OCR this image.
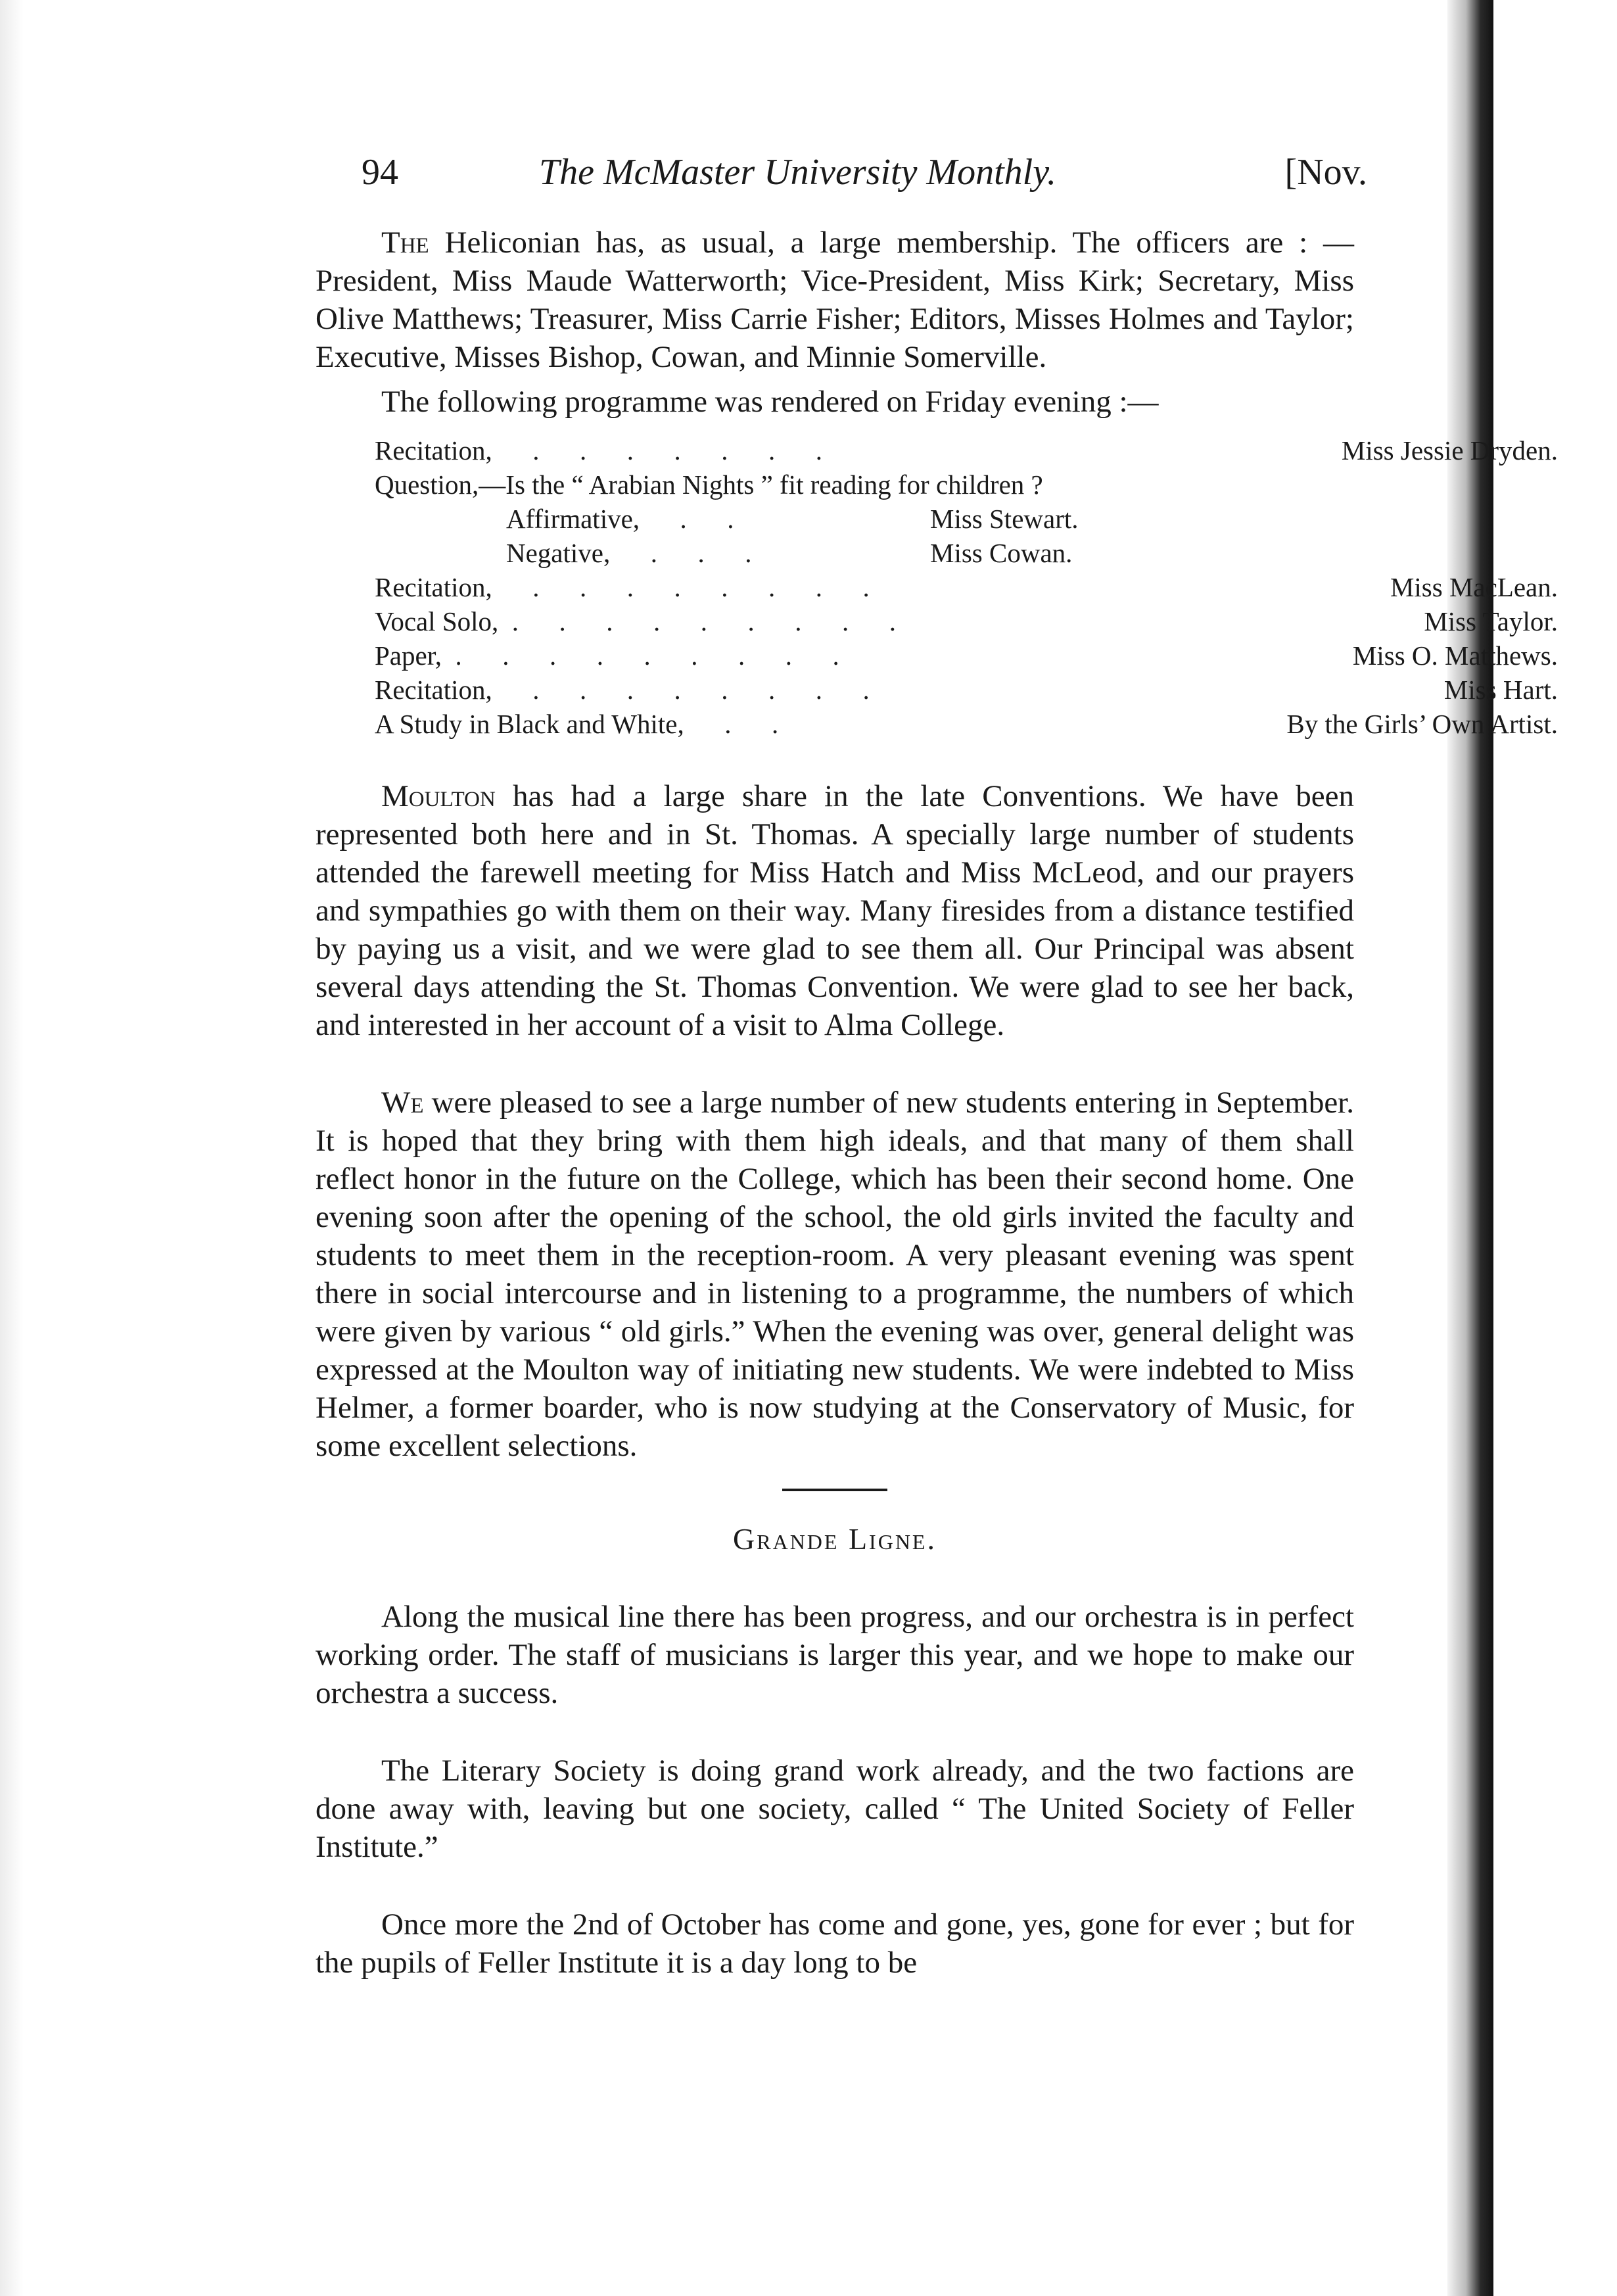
94	The McMaster University Monthly.	[Nov.

The Heliconian has, as usual, a large membership. The officers are : —President, Miss Maude Watterworth; Vice-President, Miss Kirk; Secretary, Miss Olive Matthews; Treasurer, Miss Carrie Fisher; Editors, Misses Holmes and Taylor; Executive, Misses Bishop, Cowan, and Minnie Somerville.

The following programme was rendered on Friday evening :—

Recitation,      .      .      .      .      .      .      .	Miss Jessie Dryden.
Question,—Is the “ Arabian Nights ” fit reading for children ?
Affirmative,      .      .	Miss Stewart.
Negative,      .      .      .	Miss Cowan.
Recitation,      .      .      .      .      .      .      .      .	Miss MacLean.
Vocal Solo,  .      .      .      .      .      .      .      .      .	Miss Taylor.
Paper,  .      .      .      .      .      .      .      .      .	Miss O. Matthews.
Recitation,      .      .      .      .      .      .      .      .	Miss Hart.
A Study in Black and White,      .      .	By the Girls’ Own Artist.

Moulton has had a large share in the late Conventions. We have been represented both here and in St. Thomas. A specially large number of students attended the farewell meeting for Miss Hatch and Miss McLeod, and our prayers and sympathies go with them on their way. Many firesides from a distance testified by paying us a visit, and we were glad to see them all. Our Principal was absent several days attending the St. Thomas Convention. We were glad to see her back, and interested in her account of a visit to Alma College.

We were pleased to see a large number of new students entering in September. It is hoped that they bring with them high ideals, and that many of them shall reflect honor in the future on the College, which has been their second home. One evening soon after the opening of the school, the old girls invited the faculty and students to meet them in the reception-room. A very pleasant evening was spent there in social intercourse and in listening to a programme, the numbers of which were given by various “ old girls.” When the evening was over, general delight was expressed at the Moulton way of initiating new students. We were indebted to Miss Helmer, a former boarder, who is now studying at the Conservatory of Music, for some excellent selections.

Grande Ligne.

Along the musical line there has been progress, and our orchestra is in perfect working order. The staff of musicians is larger this year, and we hope to make our orchestra a success.

The Literary Society is doing grand work already, and the two factions are done away with, leaving but one society, called “ The United Society of Feller Institute.”

Once more the 2nd of October has come and gone, yes, gone for ever ; but for the pupils of Feller Institute it is a day long to be
